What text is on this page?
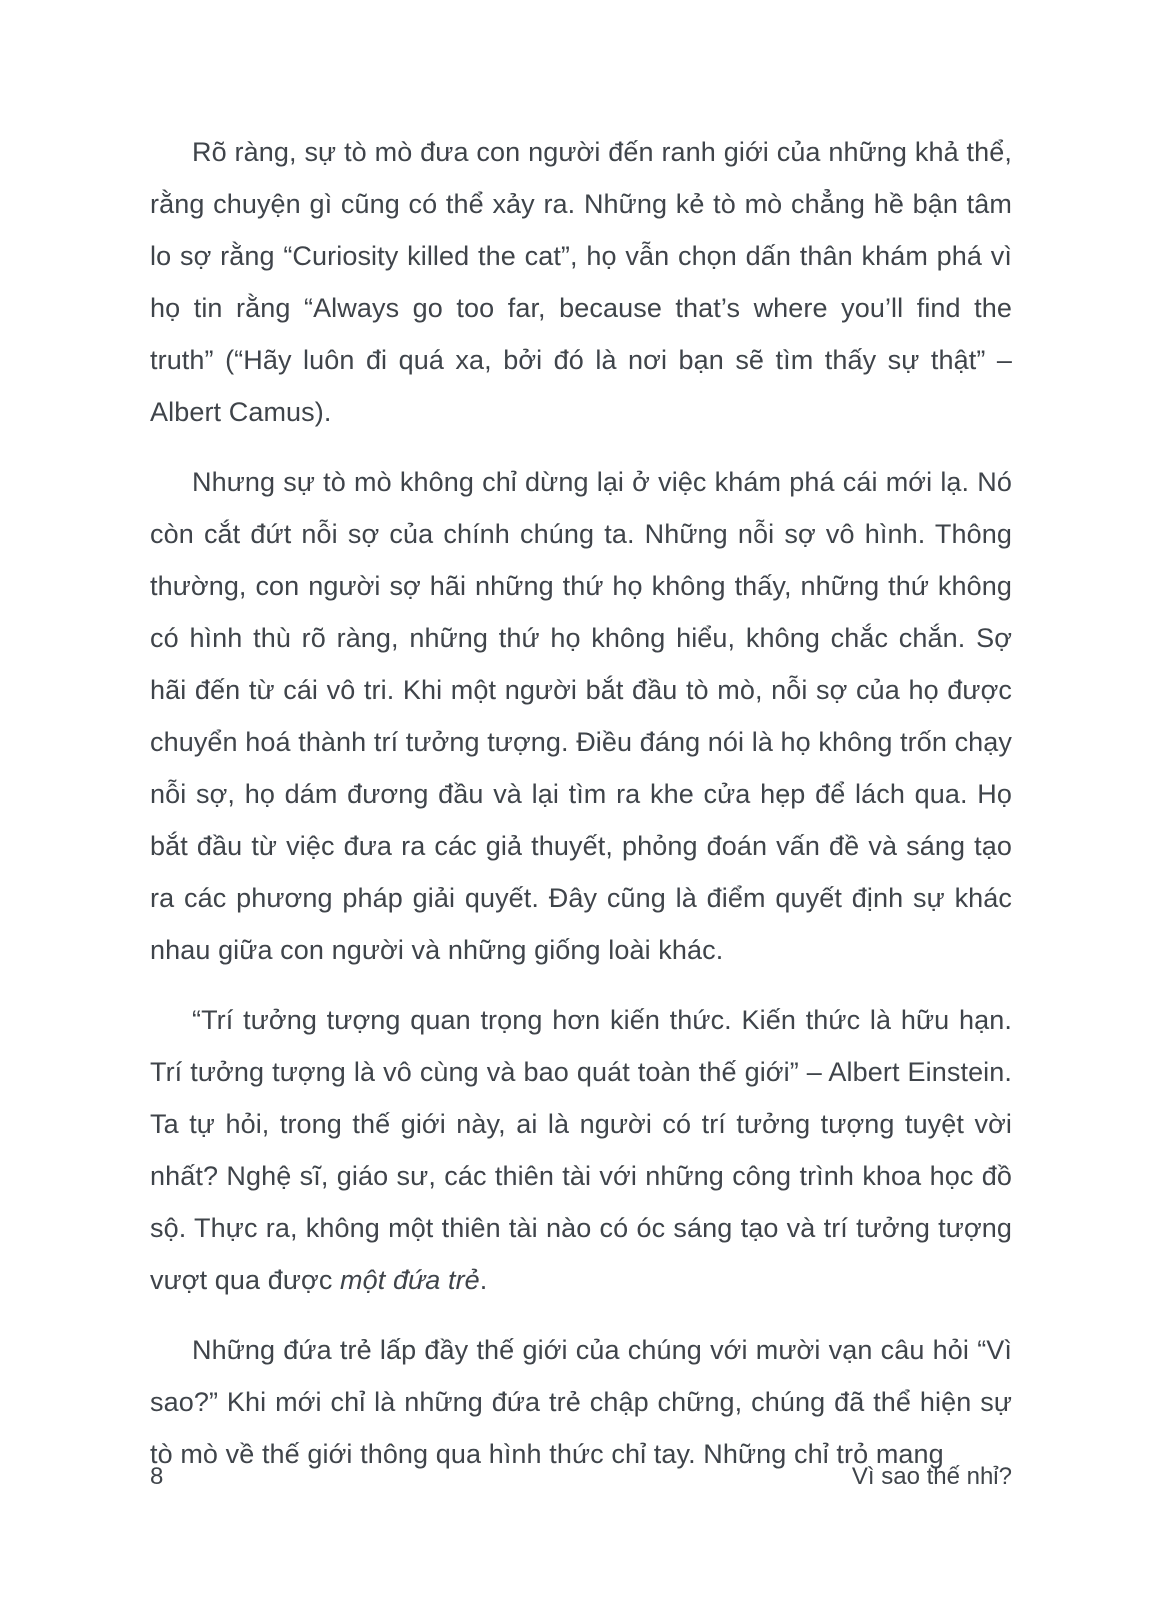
Rõ ràng, sự tò mò đưa con người đến ranh giới của những khả thể, rằng chuyện gì cũng có thể xảy ra. Những kẻ tò mò chẳng hề bận tâm lo sợ rằng “Curiosity killed the cat”, họ vẫn chọn dấn thân khám phá vì họ tin rằng “Always go too far, because that’s where you’ll find the truth” (“Hãy luôn đi quá xa, bởi đó là nơi bạn sẽ tìm thấy sự thật” – Albert Camus).

Nhưng sự tò mò không chỉ dừng lại ở việc khám phá cái mới lạ. Nó còn cắt đứt nỗi sợ của chính chúng ta. Những nỗi sợ vô hình. Thông thường, con người sợ hãi những thứ họ không thấy, những thứ không có hình thù rõ ràng, những thứ họ không hiểu, không chắc chắn. Sợ hãi đến từ cái vô tri. Khi một người bắt đầu tò mò, nỗi sợ của họ được chuyển hoá thành trí tưởng tượng. Điều đáng nói là họ không trốn chạy nỗi sợ, họ dám đương đầu và lại tìm ra khe cửa hẹp để lách qua. Họ bắt đầu từ việc đưa ra các giả thuyết, phỏng đoán vấn đề và sáng tạo ra các phương pháp giải quyết. Đây cũng là điểm quyết định sự khác nhau giữa con người và những giống loài khác.

“Trí tưởng tượng quan trọng hơn kiến thức. Kiến thức là hữu hạn. Trí tưởng tượng là vô cùng và bao quát toàn thế giới” – Albert Einstein. Ta tự hỏi, trong thế giới này, ai là người có trí tưởng tượng tuyệt vời nhất? Nghệ sĩ, giáo sư, các thiên tài với những công trình khoa học đồ sộ. Thực ra, không một thiên tài nào có óc sáng tạo và trí tưởng tượng vượt qua được một đứa trẻ.

Những đứa trẻ lấp đầy thế giới của chúng với mười vạn câu hỏi “Vì sao?” Khi mới chỉ là những đứa trẻ chập chững, chúng đã thể hiện sự tò mò về thế giới thông qua hình thức chỉ tay. Những chỉ trỏ mang

8	Vì sao thế nhỉ?
